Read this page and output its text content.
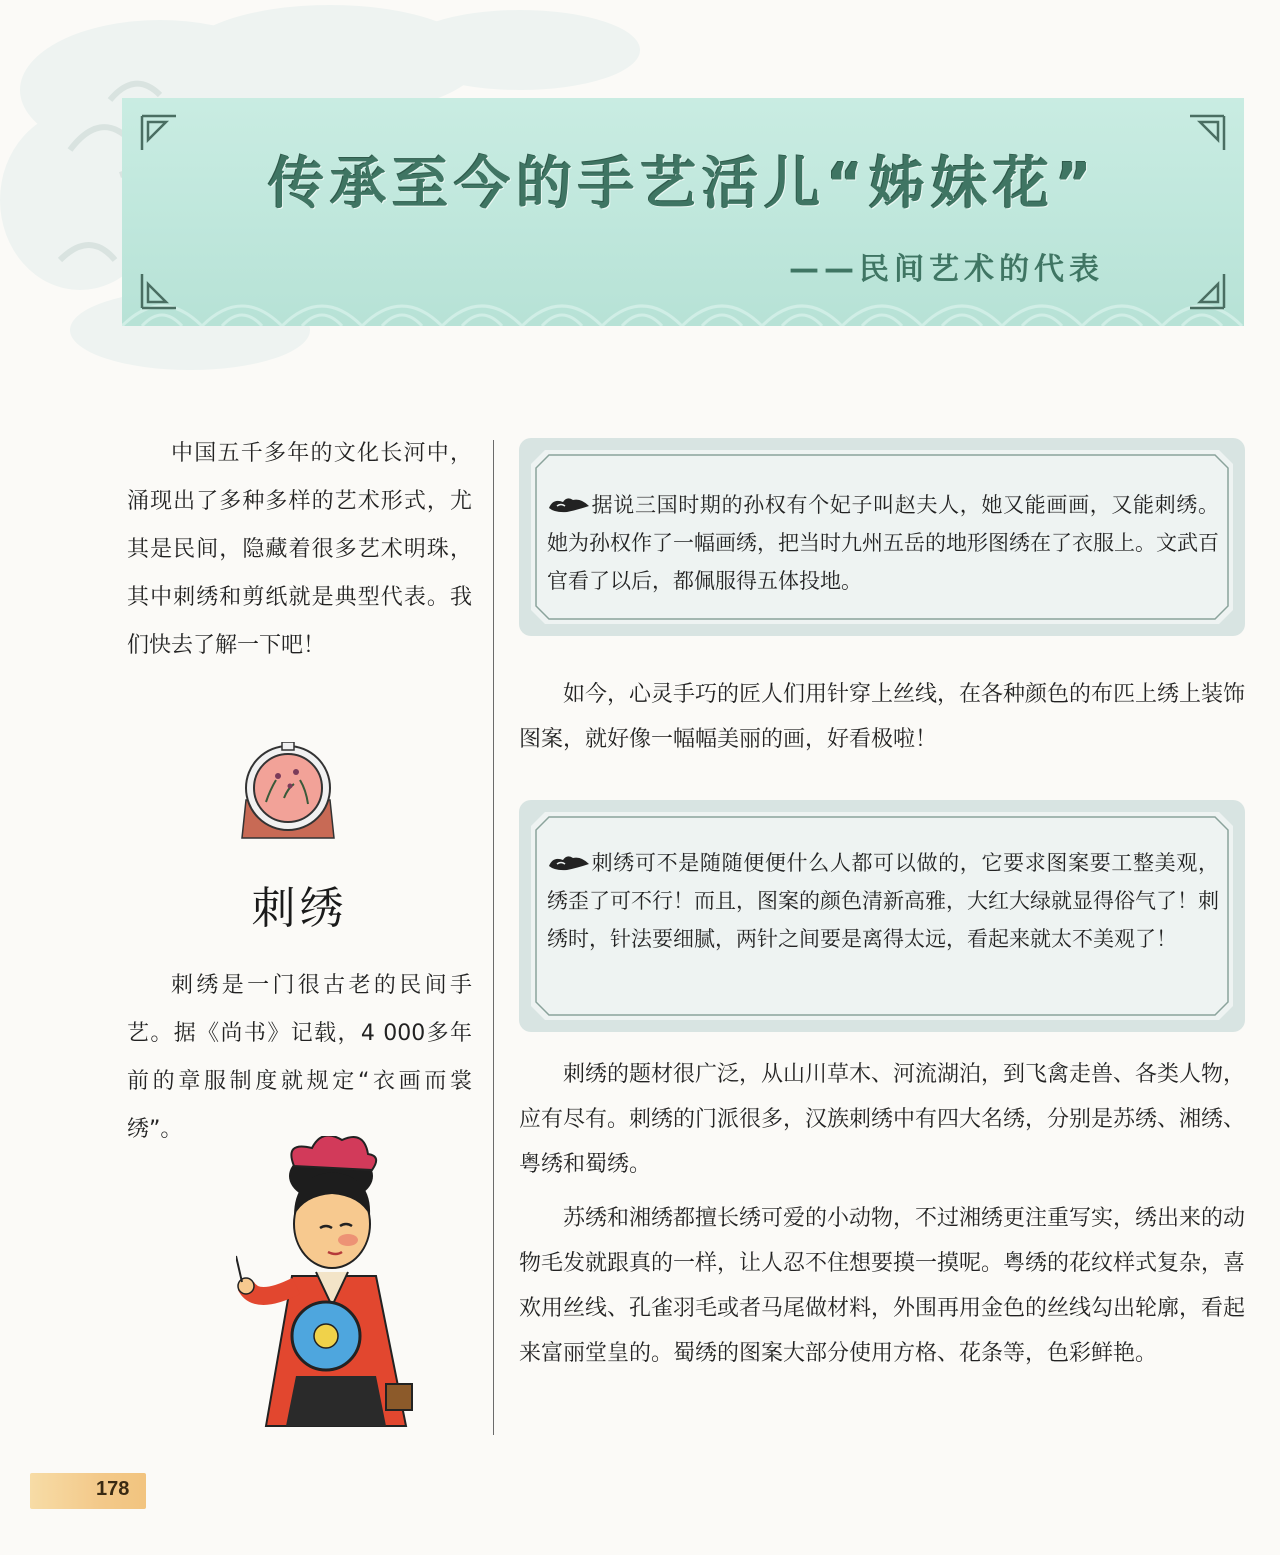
传承至今的手艺活儿“姊妹花”
——民间艺术的代表

中国五千多年的文化长河中，涌现出了多种多样的艺术形式，尤其是民间，隐藏着很多艺术明珠，其中刺绣和剪纸就是典型代表。我们快去了解一下吧！

刺绣

刺绣是一门很古老的民间手艺。据《尚书》记载，4 000多年前的章服制度就规定“衣画而裳绣”。

据说三国时期的孙权有个妃子叫赵夫人，她又能画画，又能刺绣。她为孙权作了一幅画绣，把当时九州五岳的地形图绣在了衣服上。文武百官看了以后，都佩服得五体投地。

如今，心灵手巧的匠人们用针穿上丝线，在各种颜色的布匹上绣上装饰图案，就好像一幅幅美丽的画，好看极啦！

刺绣可不是随随便便什么人都可以做的，它要求图案要工整美观，绣歪了可不行！而且，图案的颜色清新高雅，大红大绿就显得俗气了！刺绣时，针法要细腻，两针之间要是离得太远，看起来就太不美观了！

刺绣的题材很广泛，从山川草木、河流湖泊，到飞禽走兽、各类人物，应有尽有。刺绣的门派很多，汉族刺绣中有四大名绣，分别是苏绣、湘绣、粤绣和蜀绣。

苏绣和湘绣都擅长绣可爱的小动物，不过湘绣更注重写实，绣出来的动物毛发就跟真的一样，让人忍不住想要摸一摸呢。粤绣的花纹样式复杂，喜欢用丝线、孔雀羽毛或者马尾做材料，外围再用金色的丝线勾出轮廓，看起来富丽堂皇的。蜀绣的图案大部分使用方格、花条等，色彩鲜艳。

178
